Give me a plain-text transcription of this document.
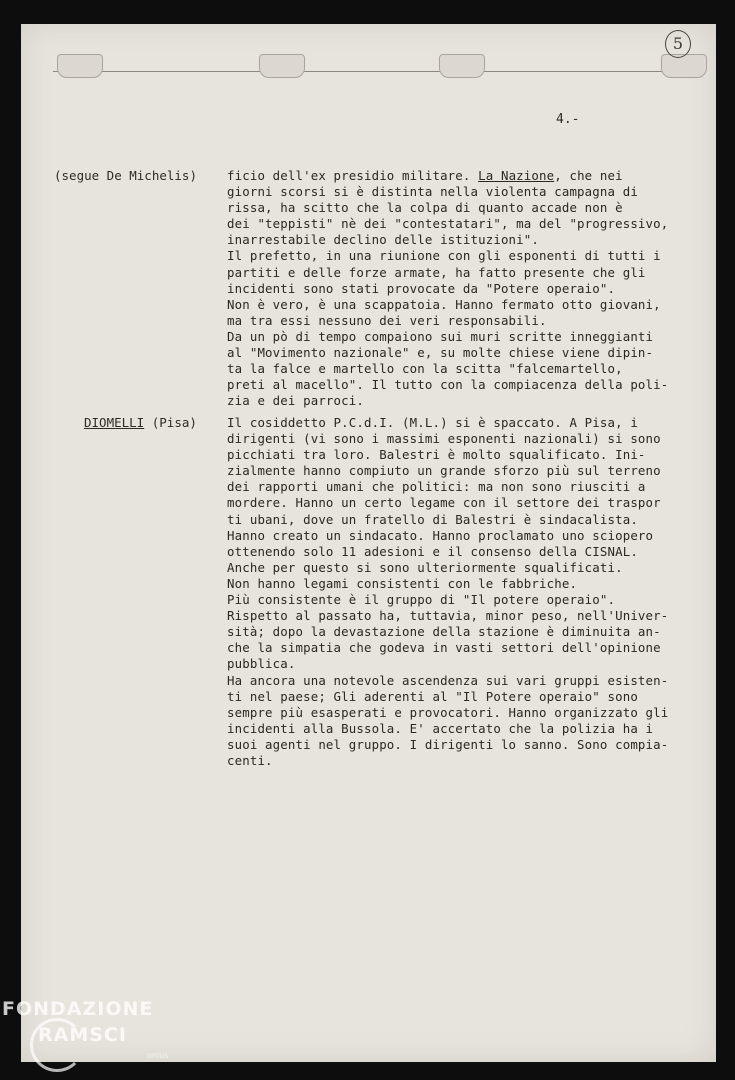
5
4.-
(segue De Michelis) ficio dell'ex presidio militare. La Nazione, che nei
giorni scorsi si è distinta nella violenta campagna di
rissa, ha scitto che la colpa di quanto accade non è
dei "teppisti" nè dei "contestatari", ma del "progressivo,
inarrestabile declino delle istituzioni".
Il prefetto, in una riunione con gli esponenti di tutti i
partiti e delle forze armate, ha fatto presente che gli
incidenti sono stati provocate da "Potere operaio".
Non è vero, è una scappatoia. Hanno fermato otto giovani,
ma tra essi nessuno dei veri responsabili.
Da un pò di tempo compaiono sui muri scritte inneggianti
al "Movimento nazionale" e, su molte chiese viene dipin-
ta la falce e martello con la scitta "falcemartello,
preti al macello". Il tutto con la compiacenza della poli-
zia e dei parroci.
DIOMELLI (Pisa) Il cosiddetto P.C.d.I. (M.L.) si è spaccato. A Pisa, i
dirigenti (vi sono i massimi esponenti nazionali) si sono
picchiati tra loro. Balestri è molto squalificato. Ini-
zialmente hanno compiuto un grande sforzo più sul terreno
dei rapporti umani che politici: ma non sono riusciti a
mordere. Hanno un certo legame con il settore dei traspor
ti ubani, dove un fratello di Balestri è sindacalista.
Hanno creato un sindacato. Hanno proclamato uno sciopero
ottenendo solo 11 adesioni e il consenso della CISNAL.
Anche per questo si sono ulteriormente squalificati.
Non hanno legami consistenti con le fabbriche.
Più consistente è il gruppo di "Il potere operaio".
Rispetto al passato ha, tuttavia, minor peso, nell'Univer-
sità; dopo la devastazione della stazione è diminuita an-
che la simpatia che godeva in vasti settori dell'opinione
pubblica.
Ha ancora una notevole ascendenza sui vari gruppi esisten-
ti nel paese; Gli aderenti al "Il Potere operaio" sono
sempre più esasperati e provocatori. Hanno organizzato gli
incidenti alla Bussola. E' accertato che la polizia ha i
suoi agenti nel gruppo. I dirigenti lo sanno. Sono compia-
centi.
FONDAZIONE
RAMSCI
onlus
